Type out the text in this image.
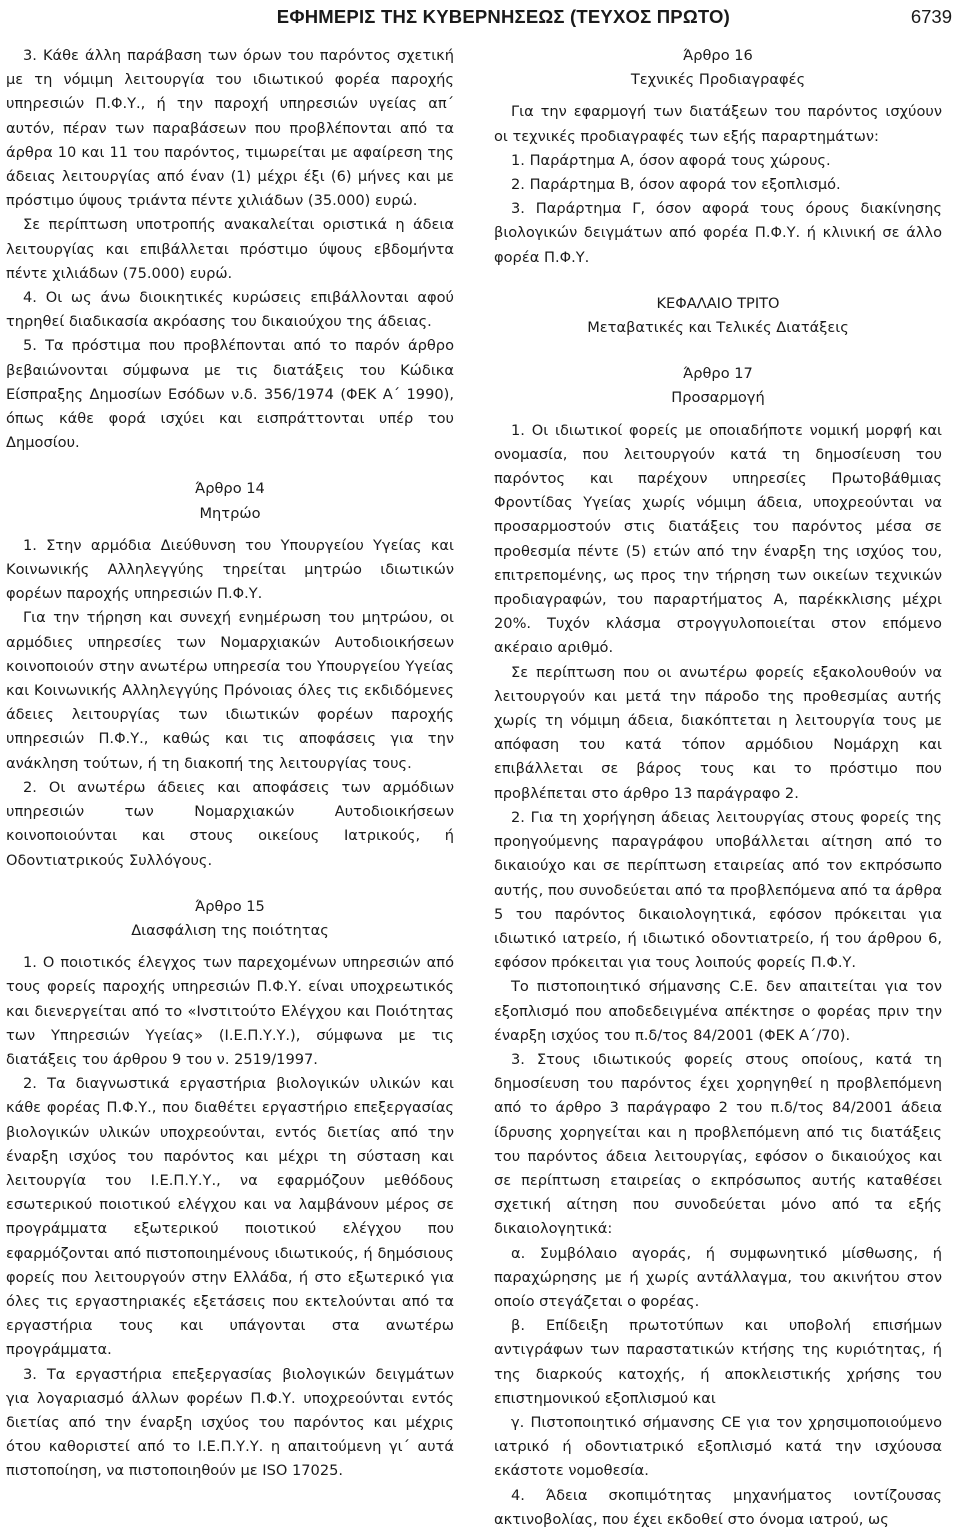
ΕΦΗΜΕΡΙΣ ΤΗΣ ΚΥΒΕΡΝΗΣΕΩΣ (ΤΕΥΧΟΣ ΠΡΩΤΟ)	6739

3. Κάθε άλλη παράβαση των όρων του παρόντος σχετική με τη νόμιμη λειτουργία του ιδιωτικού φορέα παροχής υπηρεσιών Π.Φ.Υ., ή την παροχή υπηρεσιών υγείας απ΄ αυτόν, πέραν των παραβάσεων που προβλέπονται από τα άρθρα 10 και 11 του παρόντος, τιμωρείται με αφαίρεση της άδειας λειτουργίας από έναν (1) μέχρι έξι (6) μήνες και με πρόστιμο ύψους τριάντα πέντε χιλιάδων (35.000) ευρώ.

Σε περίπτωση υποτροπής ανακαλείται οριστικά η άδεια λειτουργίας και επιβάλλεται πρόστιμο ύψους εβδομήντα πέντε χιλιάδων (75.000) ευρώ.

4. Οι ως άνω διοικητικές κυρώσεις επιβάλλονται αφού τηρηθεί διαδικασία ακρόασης του δικαιούχου της άδειας.

5. Τα πρόστιμα που προβλέπονται από το παρόν άρθρο βεβαιώνονται σύμφωνα με τις διατάξεις του Κώδικα Είσπραξης Δημοσίων Εσόδων ν.δ. 356/1974 (ΦΕΚ Α΄ 1990), όπως κάθε φορά ισχύει και εισπράττονται υπέρ του Δημοσίου.

Άρθρο 14
Μητρώο

1. Στην αρμόδια Διεύθυνση του Υπουργείου Υγείας και Κοινωνικής Αλληλεγγύης τηρείται μητρώο ιδιωτικών φορέων παροχής υπηρεσιών Π.Φ.Υ.

Για την τήρηση και συνεχή ενημέρωση του μητρώου, οι αρμόδιες υπηρεσίες των Νομαρχιακών Αυτοδιοικήσεων κοινοποιούν στην ανωτέρω υπηρεσία του Υπουργείου Υγείας και Κοινωνικής Αλληλεγγύης Πρόνοιας όλες τις εκδιδόμενες άδειες λειτουργίας των ιδιωτικών φορέων παροχής υπηρεσιών Π.Φ.Υ., καθώς και τις αποφάσεις για την ανάκληση τούτων, ή τη διακοπή της λειτουργίας τους.

2. Οι ανωτέρω άδειες και αποφάσεις των αρμόδιων υπηρεσιών των Νομαρχιακών Αυτοδιοικήσεων κοινοποιούνται και στους οικείους Ιατρικούς, ή Οδοντιατρικούς Συλλόγους.

Άρθρο 15
Διασφάλιση της ποιότητας

1. Ο ποιοτικός έλεγχος των παρεχομένων υπηρεσιών από τους φορείς παροχής υπηρεσιών Π.Φ.Υ. είναι υποχρεωτικός και διενεργείται από το «Ινστιτούτο Ελέγχου και Ποιότητας των Υπηρεσιών Υγείας» (Ι.Ε.Π.Υ.Υ.), σύμφωνα με τις διατάξεις του άρθρου 9 του ν. 2519/1997.

2. Τα διαγνωστικά εργαστήρια βιολογικών υλικών και κάθε φορέας Π.Φ.Υ., που διαθέτει εργαστήριο επεξεργασίας βιολογικών υλικών υποχρεούνται, εντός διετίας από την έναρξη ισχύος του παρόντος και μέχρι τη σύσταση και λειτουργία του Ι.Ε.Π.Υ.Υ., να εφαρμόζουν μεθόδους εσωτερικού ποιοτικού ελέγχου και να λαμβάνουν μέρος σε προγράμματα εξωτερικού ποιοτικού ελέγχου που εφαρμόζονται από πιστοποιημένους ιδιωτικούς, ή δημόσιους φορείς που λειτουργούν στην Ελλάδα, ή στο εξωτερικό για όλες τις εργαστηριακές εξετάσεις που εκτελούνται από τα εργαστήρια τους και υπάγονται στα ανωτέρω προγράμματα.

3. Τα εργαστήρια επεξεργασίας βιολογικών δειγμάτων για λογαριασμό άλλων φορέων Π.Φ.Υ. υποχρεούνται εντός διετίας από την έναρξη ισχύος του παρόντος και μέχρις ότου καθοριστεί από το Ι.Ε.Π.Υ.Υ. η απαιτούμενη γι΄ αυτά πιστοποίηση, να πιστοποιηθούν με ISO 17025.

Άρθρο 16
Τεχνικές Προδιαγραφές

Για την εφαρμογή των διατάξεων του παρόντος ισχύουν οι τεχνικές προδιαγραφές των εξής παραρτημάτων:

1. Παράρτημα Α, όσον αφορά τους χώρους.

2. Παράρτημα Β, όσον αφορά τον εξοπλισμό.

3. Παράρτημα Γ, όσον αφορά τους όρους διακίνησης βιολογικών δειγμάτων από φορέα Π.Φ.Υ. ή κλινική σε άλλο φορέα Π.Φ.Υ.

ΚΕΦΑΛΑΙΟ ΤΡΙΤΟ
Μεταβατικές και Τελικές Διατάξεις
Άρθρο 17
Προσαρμογή

1. Οι ιδιωτικοί φορείς με οποιαδήποτε νομική μορφή και ονομασία, που λειτουργούν κατά τη δημοσίευση του παρόντος και παρέχουν υπηρεσίες Πρωτοβάθμιας Φροντίδας Υγείας χωρίς νόμιμη άδεια, υποχρεούνται να προσαρμοστούν στις διατάξεις του παρόντος μέσα σε προθεσμία πέντε (5) ετών από την έναρξη της ισχύος του, επιτρεπομένης, ως προς την τήρηση των οικείων τεχνικών προδιαγραφών, του παραρτήματος Α, παρέκκλισης μέχρι 20%. Τυχόν κλάσμα στρογγυλοποιείται στον επόμενο ακέραιο αριθμό.

Σε περίπτωση που οι ανωτέρω φορείς εξακολουθούν να λειτουργούν και μετά την πάροδο της προθεσμίας αυτής χωρίς τη νόμιμη άδεια, διακόπτεται η λειτουργία τους με απόφαση του κατά τόπον αρμόδιου Νομάρχη και επιβάλλεται σε βάρος τους και το πρόστιμο που προβλέπεται στο άρθρο 13 παράγραφο 2.

2. Για τη χορήγηση άδειας λειτουργίας στους φορείς της προηγούμενης παραγράφου υποβάλλεται αίτηση από το δικαιούχο και σε περίπτωση εταιρείας από τον εκπρόσωπο αυτής, που συνοδεύεται από τα προβλεπόμενα από τα άρθρα 5 του παρόντος δικαιολογητικά, εφόσον πρόκειται για ιδιωτικό ιατρείο, ή ιδιωτικό οδοντιατρείο, ή του άρθρου 6, εφόσον πρόκειται για τους λοιπούς φορείς Π.Φ.Υ.

Το πιστοποιητικό σήμανσης C.E. δεν απαιτείται για τον εξοπλισμό που αποδεδειγμένα απέκτησε ο φορέας πριν την έναρξη ισχύος του π.δ/τος 84/2001 (ΦΕΚ Α΄/70).

3. Στους ιδιωτικούς φορείς στους οποίους, κατά τη δημοσίευση του παρόντος έχει χορηγηθεί η προβλεπόμενη από το άρθρο 3 παράγραφο 2 του π.δ/τος 84/2001 άδεια ίδρυσης χορηγείται και η προβλεπόμενη από τις διατάξεις του παρόντος άδεια λειτουργίας, εφόσον ο δικαιούχος και σε περίπτωση εταιρείας ο εκπρόσωπος αυτής καταθέσει σχετική αίτηση που συνοδεύεται μόνο από τα εξής δικαιολογητικά:

α. Συμβόλαιο αγοράς, ή συμφωνητικό μίσθωσης, ή παραχώρησης με ή χωρίς αντάλλαγμα, του ακινήτου στον οποίο στεγάζεται ο φορέας.

β. Επίδειξη πρωτοτύπων και υποβολή επισήμων αντιγράφων των παραστατικών κτήσης της κυριότητας, ή της διαρκούς κατοχής, ή αποκλειστικής χρήσης του επιστημονικού εξοπλισμού και

γ. Πιστοποιητικό σήμανσης CE για τον χρησιμοποιούμενο ιατρικό ή οδοντιατρικό εξοπλισμό κατά την ισχύουσα εκάστοτε νομοθεσία.

4. Άδεια σκοπιμότητας μηχανήματος ιοντίζουσας ακτινοβολίας, που έχει εκδοθεί στο όνομα ιατρού, ως
